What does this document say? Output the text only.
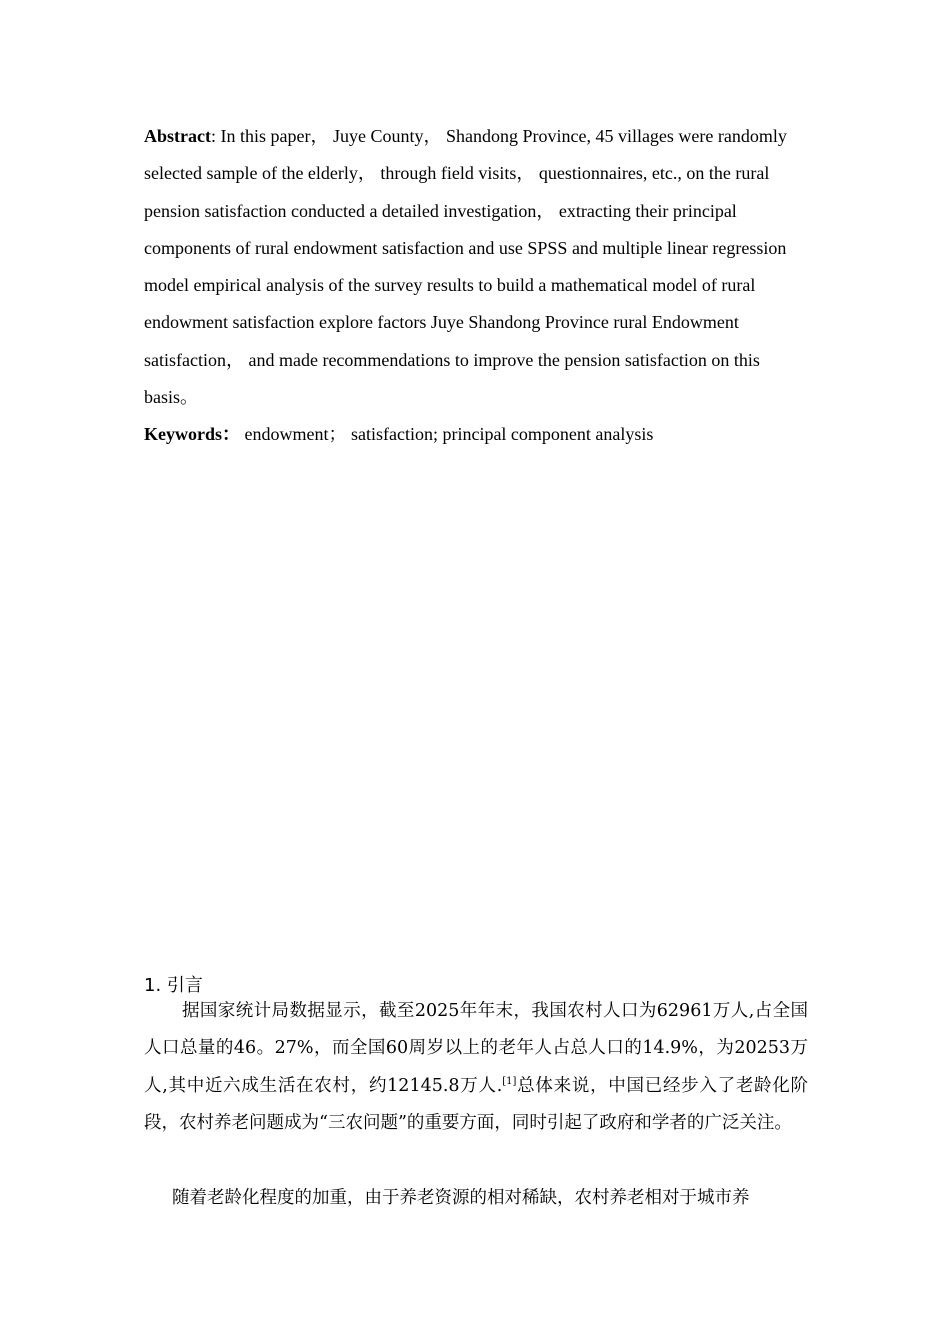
Abstract: In this paper， Juye County， Shandong Province, 45 villages were randomly selected sample of the elderly， through field visits， questionnaires, etc., on the rural pension satisfaction conducted a detailed investigation， extracting their principal components of rural endowment satisfaction and use SPSS and multiple linear regression model empirical analysis of the survey results to build a mathematical model of rural endowment satisfaction explore factors Juye Shandong Province rural Endowment satisfaction， and made recommendations to improve the pension satisfaction on this basis。

Keywords： endowment； satisfaction; principal component analysis
1. 引言

据国家统计局数据显示，截至2025年年末，我国农村人口为62961万人,占全国人口总量的46。27%，而全国60周岁以上的老年人占总人口的14.9%，为20253万人,其中近六成生活在农村，约12145.8万人.[1]总体来说，中国已经步入了老龄化阶段，农村养老问题成为“三农问题”的重要方面，同时引起了政府和学者的广泛关注。

随着老龄化程度的加重，由于养老资源的相对稀缺，农村养老相对于城市养
